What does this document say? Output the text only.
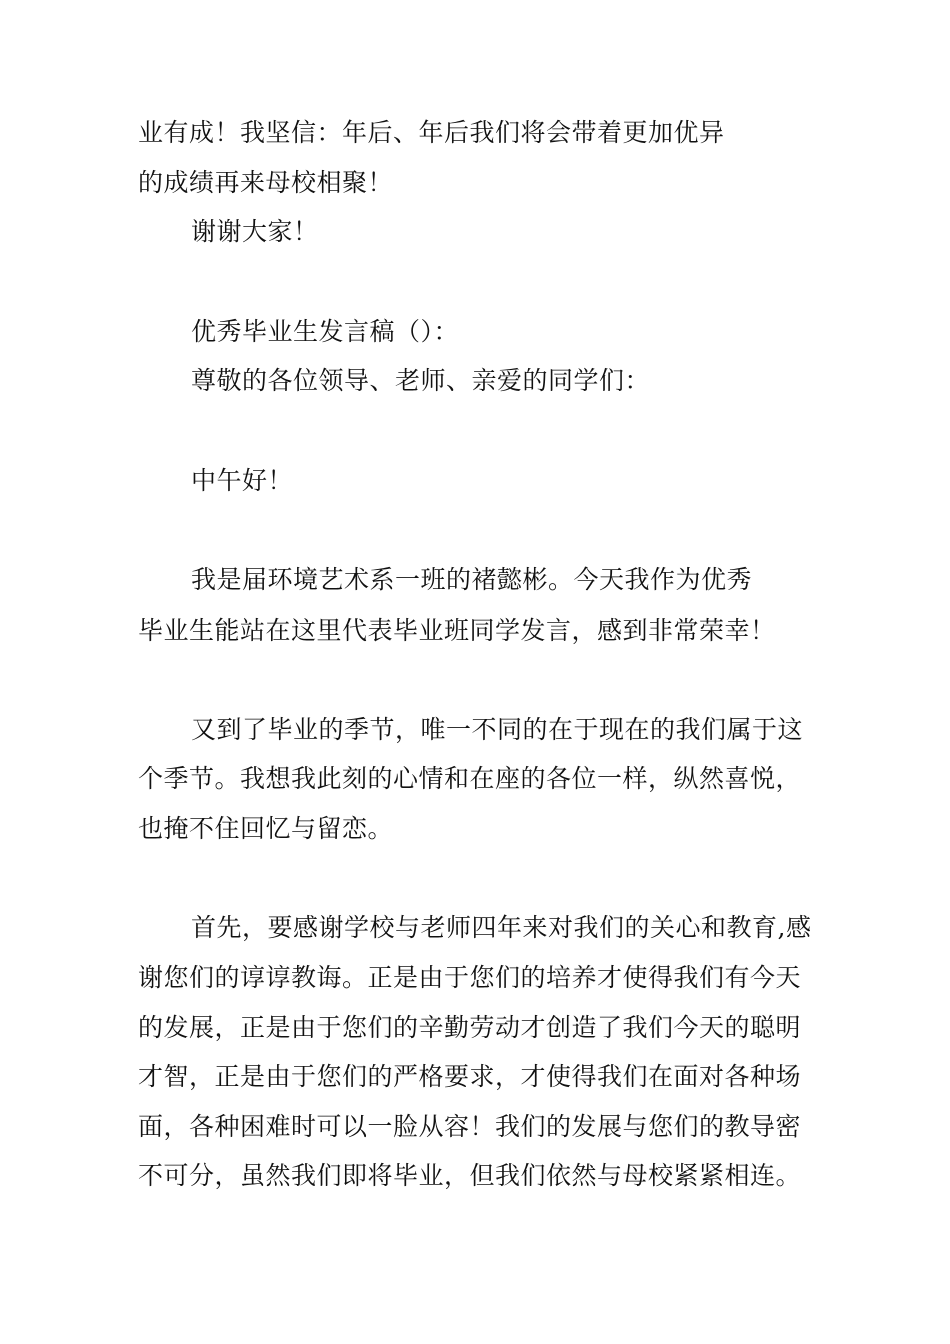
业有成！我坚信：年后、年后我们将会带着更加优异
的成绩再来母校相聚！
谢谢大家！
优秀毕业生发言稿（）：
尊敬的各位领导、老师、亲爱的同学们：
中午好！
我是届环境艺术系一班的褚懿彬。今天我作为优秀
毕业生能站在这里代表毕业班同学发言，感到非常荣幸！
又到了毕业的季节，唯一不同的在于现在的我们属于这
个季节。我想我此刻的心情和在座的各位一样，纵然喜悦，
也掩不住回忆与留恋。
首先，要感谢学校与老师四年来对我们的关心和教育,感
谢您们的谆谆教诲。正是由于您们的培养才使得我们有今天
的发展，正是由于您们的辛勤劳动才创造了我们今天的聪明
才智，正是由于您们的严格要求，才使得我们在面对各种场
面，各种困难时可以一脸从容！我们的发展与您们的教导密
不可分，虽然我们即将毕业，但我们依然与母校紧紧相连。
